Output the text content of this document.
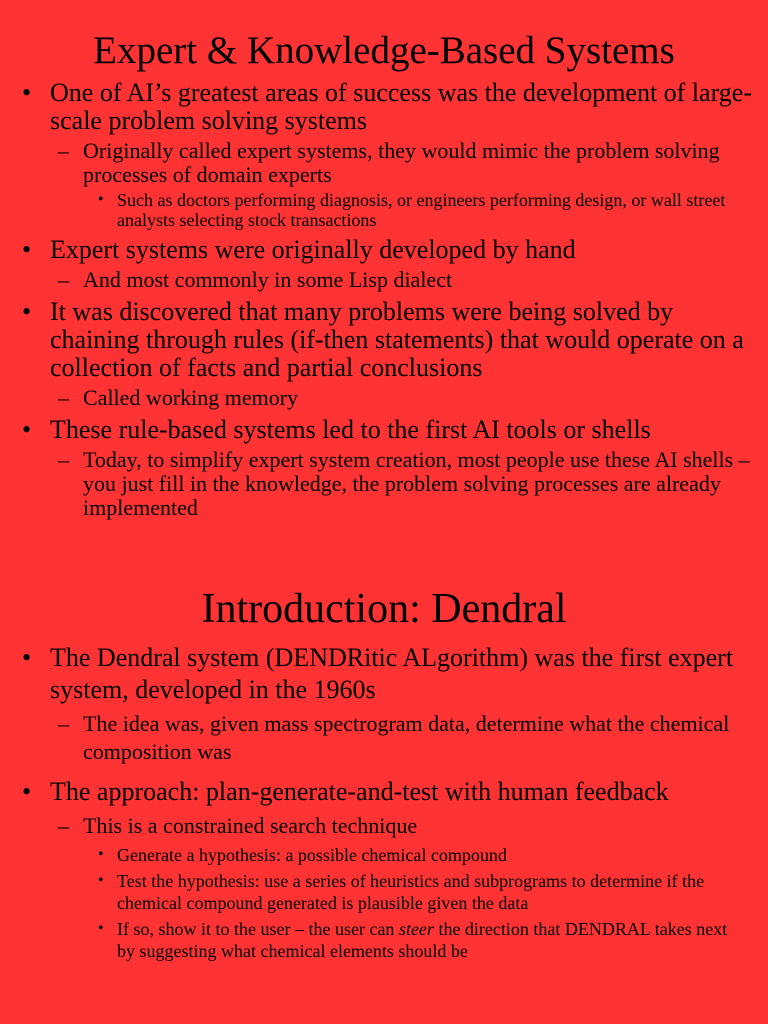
Expert & Knowledge-Based Systems
• One of AI’s greatest areas of success was the development of large-scale problem solving systems
– Originally called expert systems, they would mimic the problem solving processes of domain experts
• Such as doctors performing diagnosis, or engineers performing design, or wall street analysts selecting stock transactions
• Expert systems were originally developed by hand
– And most commonly in some Lisp dialect
• It was discovered that many problems were being solved by chaining through rules (if-then statements) that would operate on a collection of facts and partial conclusions
– Called working memory
• These rule-based systems led to the first AI tools or shells
– Today, to simplify expert system creation, most people use these AI shells – you just fill in the knowledge, the problem solving processes are already implemented
Introduction: Dendral
• The Dendral system (DENDRitic ALgorithm) was the first expert system, developed in the 1960s
– The idea was, given mass spectrogram data, determine what the chemical composition was
• The approach: plan-generate-and-test with human feedback
– This is a constrained search technique
• Generate a hypothesis: a possible chemical compound
• Test the hypothesis: use a series of heuristics and subprograms to determine if the chemical compound generated is plausible given the data
• If so, show it to the user – the user can steer the direction that DENDRAL takes next by suggesting what chemical elements should be
